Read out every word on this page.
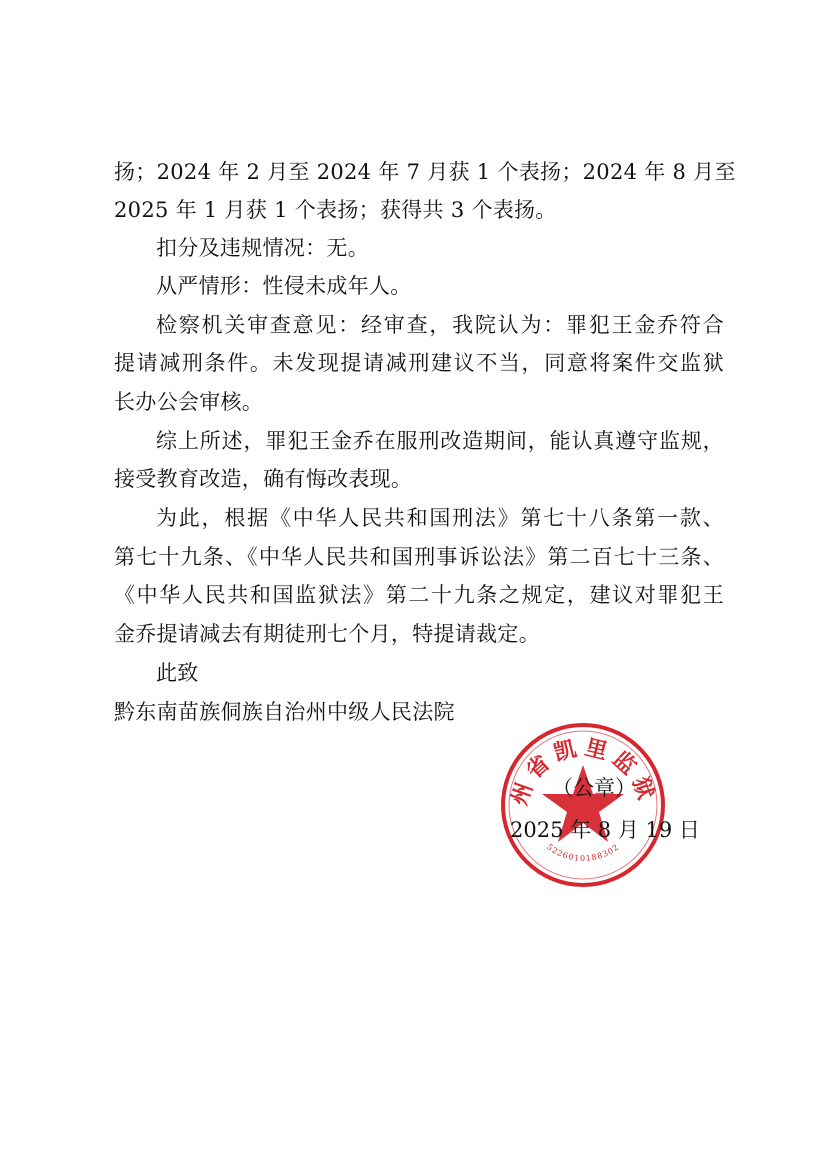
扬；2024 年 2 月至 2024 年 7 月获 1 个表扬；2024 年 8 月至
2025 年 1 月获 1 个表扬；获得共 3 个表扬。
扣分及违规情况：无。
从严情形：性侵未成年人。
检察机关审查意见：经审查，我院认为：罪犯王金乔符合
提请减刑条件。未发现提请减刑建议不当，同意将案件交监狱
长办公会审核。
综上所述，罪犯王金乔在服刑改造期间，能认真遵守监规，
接受教育改造，确有悔改表现。
为此，根据《中华人民共和国刑法》第七十八条第一款、
第七十九条、《中华人民共和国刑事诉讼法》第二百七十三条、
《中华人民共和国监狱法》第二十九条之规定，建议对罪犯王
金乔提请减去有期徒刑七个月，特提请裁定。
此致
黔东南苗族侗族自治州中级人民法院
州省凯里监狱
5226010188302
（公章）
2025 年 8 月 19 日
